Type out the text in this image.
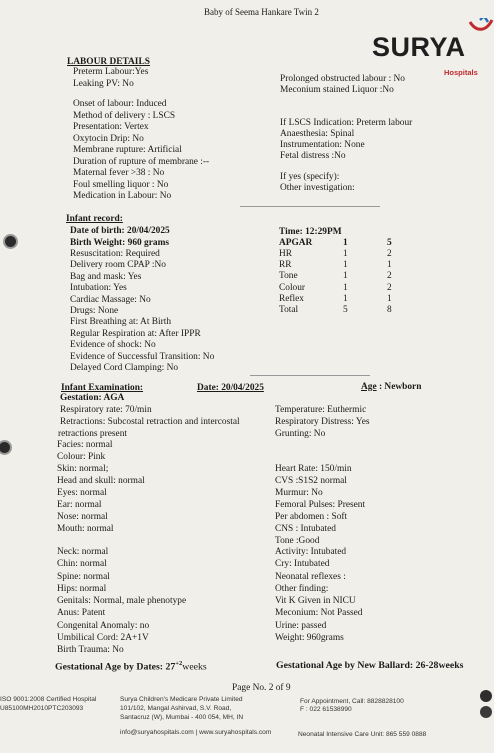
Baby of Seema Hankare Twin 2
SURYA
Hospitals
LABOUR DETAILS
Preterm Labour:Yes
Leaking PV: No
Onset of labour: Induced
Method of delivery : LSCS
Presentation: Vertex
Oxytocin Drip: No
Membrane rupture: Artificial
Duration of rupture of membrane :--
Maternal fever >38 : No
Foul smelling liquor : No
Medication in Labour: No
Prolonged obstructed labour : No
Meconium stained Liquor :No
If LSCS Indication: Preterm labour
Anaesthesia: Spinal
Instrumentation: None
Fetal distress :No
If yes (specify):
Other investigation:
Infant record:
Date of birth: 20/04/2025
Birth Weight: 960 grams
Resuscitation: Required
Delivery room CPAP :No
Bag and mask: Yes
Intubation: Yes
Cardiac Massage: No
Drugs: None
First Breathing at: At Birth
Regular Respiration at: After IPPR
Evidence of shock: No
Evidence of Successful Transition: No
Delayed Cord Clamping: No
Time: 12:29PM
APGAR	1	5
HR	1	2
RR	1	1
Tone	1	2
Colour	1	2
Reflex	1	1
Total	5	8
Infant Examination:	Date: 20/04/2025	Age : Newborn
Gestation: AGA
Respiratory rate: 70/min
Retractions: Subcostal retraction and intercostal
retractions present
Facies: normal
Colour: Pink
Skin: normal;
Head and skull: normal
Eyes: normal
Ear: normal
Nose: normal
Mouth: normal
Neck: normal
Chin: normal
Spine: normal
Hips: normal
Genitals: Normal, male phenotype
Anus: Patent
Congenital Anomaly: no
Umbilical Cord: 2A+1V
Birth Trauma: No
Temperature: Euthermic
Respiratory Distress: Yes
Grunting: No
Heart Rate: 150/min
CVS :S1S2 normal
Murmur: No
Femoral Pulses: Present
Per abdomen : Soft
CNS : Intubated
Tone :Good
Activity: Intubated
Cry: Intubated
Neonatal reflexes :
Other finding:
Vit K Given in NICU
Meconium: Not Passed
Urine: passed
Weight: 960grams
Gestational Age by Dates: $27^{+2}weeks$	Gestational Age by New Ballard: 26-28weeks
Page No. 2 of 9
ISO 9001:2008 Certified Hospital
U85100MH2010PTC203093
Surya Children's Medicare Private Limited
101/102, Mangal Ashirvad, S.V. Road,
Santacruz (W), Mumbai - 400 054, MH, IN
For Appointment, Call: 8828828100
F : 022 61538990
info@suryahospitals.com | www.suryahospitals.com	Neonatal Intensive Care Unit: 865 559 0888
